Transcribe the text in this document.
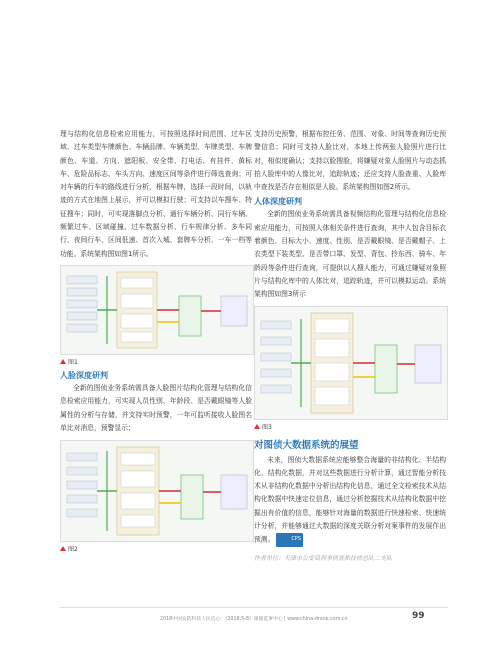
理与结构化信息检索应用能力，可按照选择时间范围、过车区域、过车类型车牌颜色、车辆品牌、车辆类型、车牌类型、车牌颜色、车道、方向、遮阳板、安全带、打电话、有挂件、黄标车、危险品标志、车头方向、速度区间等条件进行筛选查询；可对车辆的行车的路线进行分析，根据车牌，选择一段时间，以轨迹的方式在地图上展示，并可以模拟行驶；可支持以车搜车、特征搜车；同时，可实现落脚点分析、通行车辆分析、同行车辆、频繁过车、区域碰撞、过车数据分析、行车规律分析、多车同行、夜间行车、区间低速、首次入城、套牌车分析、一车一档等功能。系统架构图如图1所示。

图1
人脸深度研判

全新的图侦业务系统需具备人脸图片结构化管理与结构化信息检索应用能力，可实现人员性别、年龄段、是否戴眼镜等人脸属性的分析与存储，并支持实时预警，一年可监听接收人脸图名单比对消息，预警显示；

图2

支持历史预警，根据布控任务、范围、对象、时间等查询历史预警信息；同时可支持人脸比对，本地上传两张人脸照片进行比对，相似度确认；支持以脸搜脸，将嫌疑对象人脸照片与动态抓拍人脸库中的人像比对，追踪轨迹；还应支持人脸查重、人脸库中查找是否存在相似是人脸。系统架构图如图2所示。

人体深度研判

全新的图侦业务系统需具备视频结构化管理与结构化信息检索应用能力，可按照人体相关条件进行查询，其中人包含目标衣着颜色、目标大小、速度、性别、是否戴眼镜、是否戴帽子、上衣类型下装类型、是否带口罩、发型、背包、拎东西、骑车、年龄段等条件进行查询，可提供以人搜人能力，可通过嫌疑对象照片与结构化库中的人体比对，追踪轨迹，并可以模拟运动。系统架构图如图3所示

图3
对图侦大数据系统的展望

未来，图侦大数据系统应能够整合海量的非结构化、半结构化、结构化数据，并对这些数据进行分析计算，通过智能分析技术从非结构化数据中分析出结构化信息，通过全文检索技术从结构化数据中快速定位信息，通过分析挖掘技术从结构化数据中挖掘出有价值的信息，能够针对海量的数据进行快速检索、快速统计分析，并能够通过大数据的深度关联分析对案事件的发展作出预测。	CPS

作者单位：天津市公安局刑事侦查和技侦总队二支队
2018中国安防科技人民信心：《2018.5-8》课题监事中心 | www.china-drone.com.cn	99
